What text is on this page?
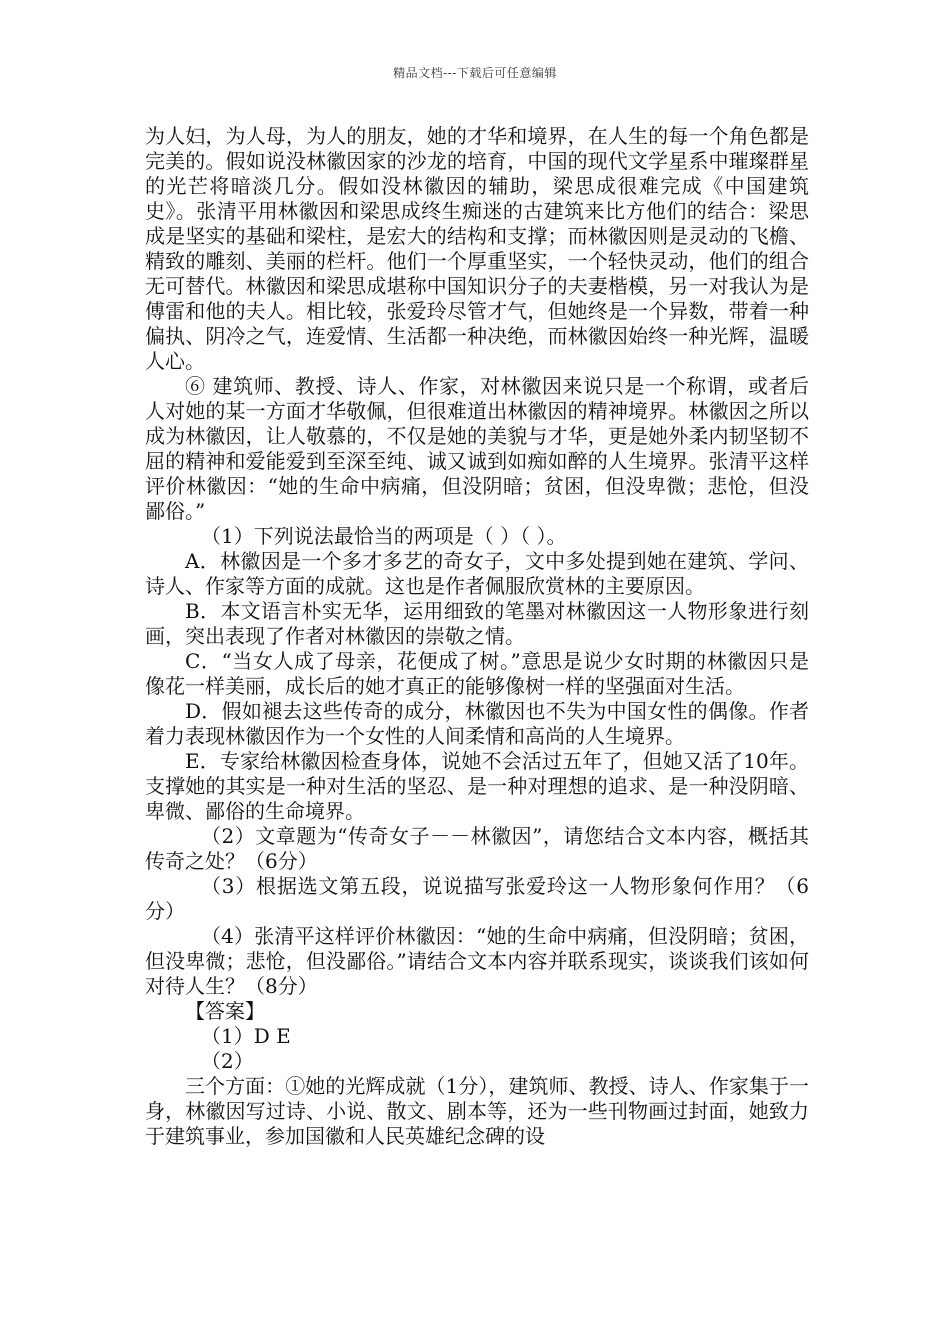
精品文档---下载后可任意编辑

为人妇，为人母，为人的朋友，她的才华和境界，在人生的每一个角色都是完美的。假如说没林徽因家的沙龙的培育，中国的现代文学星系中璀璨群星的光芒将暗淡几分。假如没林徽因的辅助，梁思成很难完成《中国建筑史》。张清平用林徽因和梁思成终生痴迷的古建筑来比方他们的结合：梁思成是坚实的基础和梁柱，是宏大的结构和支撑；而林徽因则是灵动的飞檐、精致的雕刻、美丽的栏杆。他们一个厚重坚实，一个轻快灵动，他们的组合无可替代。林徽因和梁思成堪称中国知识分子的夫妻楷模，另一对我认为是傅雷和他的夫人。相比较，张爱玲尽管才气，但她终是一个异数，带着一种偏执、阴冷之气，连爱情、生活都一种决绝，而林徽因始终一种光辉，温暖人心。

⑥ 建筑师、教授、诗人、作家，对林徽因来说只是一个称谓，或者后人对她的某一方面才华敬佩，但很难道出林徽因的精神境界。林徽因之所以成为林徽因，让人敬慕的，不仅是她的美貌与才华，更是她外柔内韧坚韧不屈的精神和爱能爱到至深至纯、诚又诚到如痴如醉的人生境界。张清平这样评价林徽因：“她的生命中病痛，但没阴暗；贫困，但没卑微；悲怆，但没鄙俗。”

（1）下列说法最恰当的两项是（ ）（ ）。

A．林徽因是一个多才多艺的奇女子，文中多处提到她在建筑、学问、诗人、作家等方面的成就。这也是作者佩服欣赏林的主要原因。

B．本文语言朴实无华，运用细致的笔墨对林徽因这一人物形象进行刻画，突出表现了作者对林徽因的崇敬之情。

C．“当女人成了母亲，花便成了树。”意思是说少女时期的林徽因只是像花一样美丽，成长后的她才真正的能够像树一样的坚强面对生活。

D．假如褪去这些传奇的成分，林徽因也不失为中国女性的偶像。作者着力表现林徽因作为一个女性的人间柔情和高尚的人生境界。

E．专家给林徽因检查身体，说她不会活过五年了，但她又活了10年。支撑她的其实是一种对生活的坚忍、是一种对理想的追求、是一种没阴暗、卑微、鄙俗的生命境界。

（2）文章题为“传奇女子－－林徽因”，请您结合文本内容，概括其传奇之处？（6分）

（3）根据选文第五段，说说描写张爱玲这一人物形象何作用？（6分）

（4）张清平这样评价林徽因：“她的生命中病痛，但没阴暗；贫困，但没卑微；悲怆，但没鄙俗。”请结合文本内容并联系现实，谈谈我们该如何对待人生？（8分）

【答案】

（1）D E

（2）

三个方面：①她的光辉成就（1分），建筑师、教授、诗人、作家集于一身，林徽因写过诗、小说、散文、剧本等，还为一些刊物画过封面，她致力于建筑事业，参加国徽和人民英雄纪念碑的设
